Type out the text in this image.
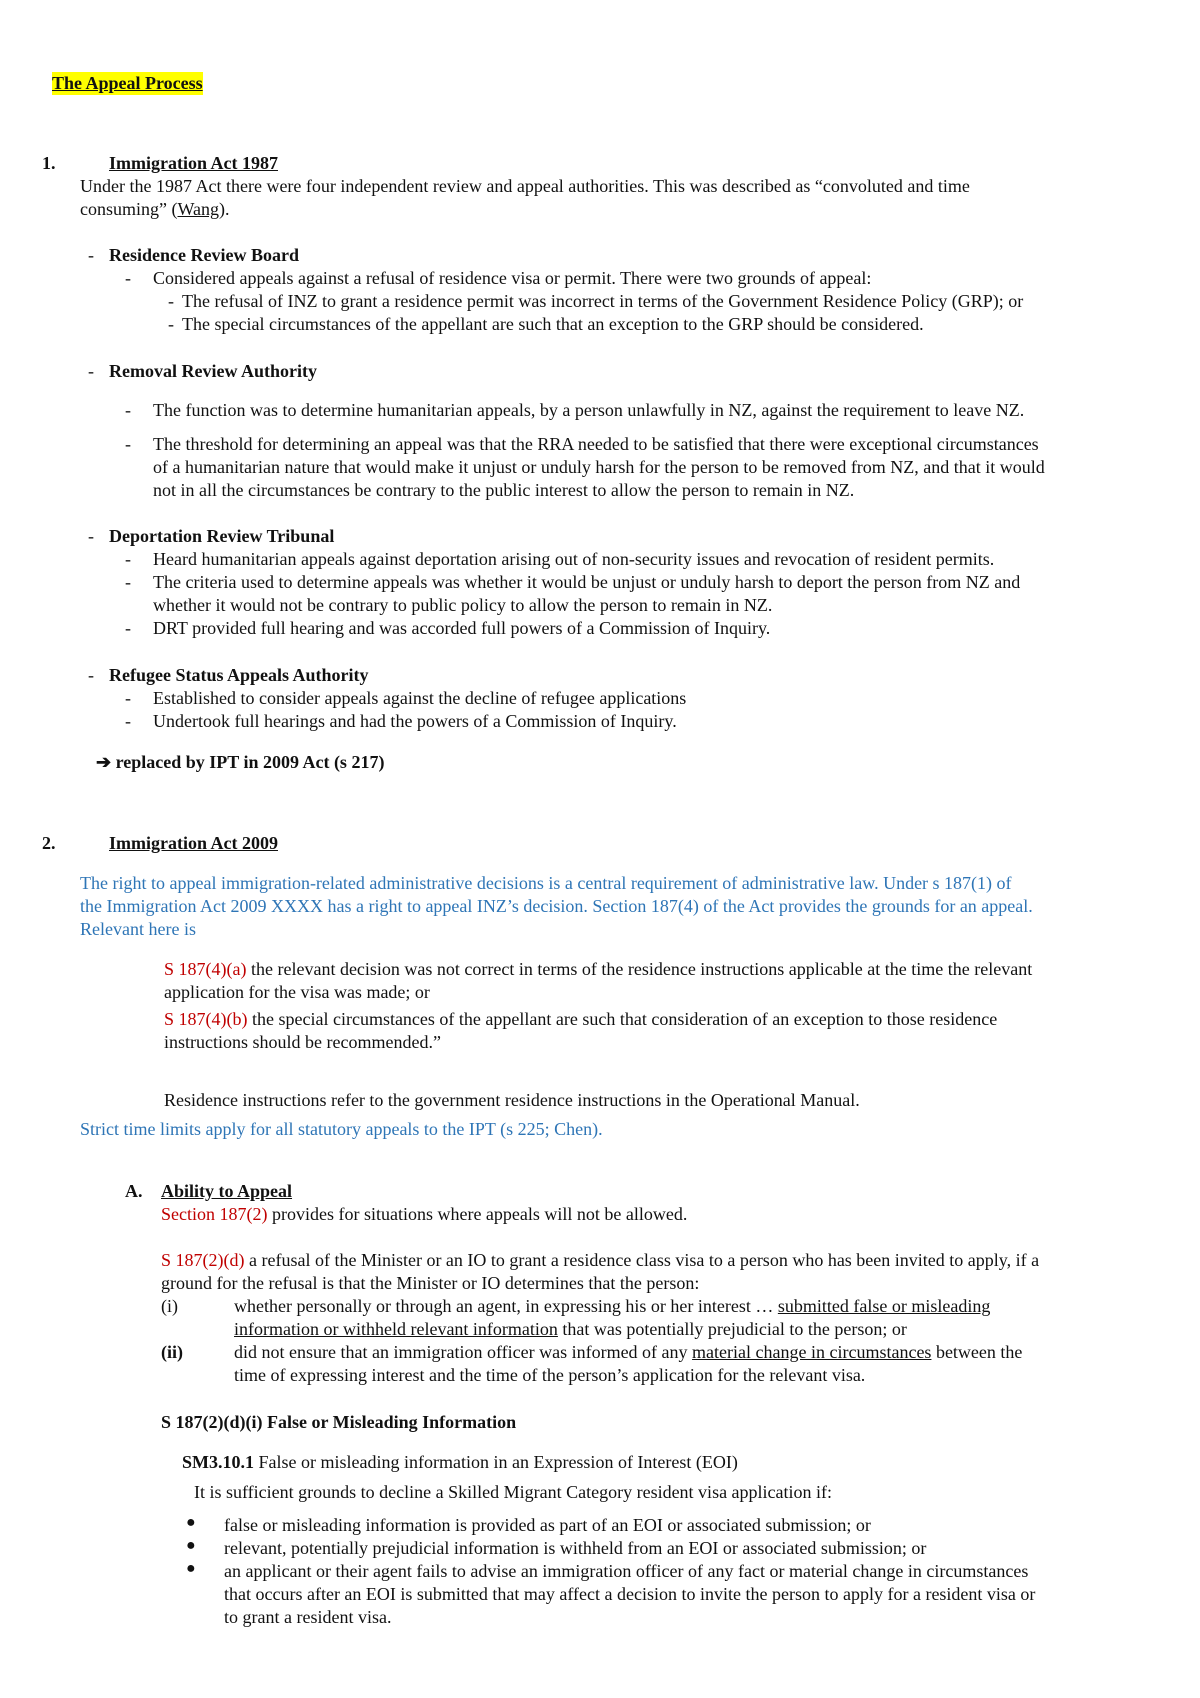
The Appeal Process
1.	Immigration Act 1987
Under the 1987 Act there were four independent review and appeal authorities. This was described as “convoluted and time
consuming” (Wang).
- Residence Review Board
- Considered appeals against a refusal of residence visa or permit. There were two grounds of appeal:
- The refusal of INZ to grant a residence permit was incorrect in terms of the Government Residence Policy (GRP); or
- The special circumstances of the appellant are such that an exception to the GRP should be considered.
- Removal Review Authority
- The function was to determine humanitarian appeals, by a person unlawfully in NZ, against the requirement to leave NZ.
- The threshold for determining an appeal was that the RRA needed to be satisfied that there were exceptional circumstances
of a humanitarian nature that would make it unjust or unduly harsh for the person to be removed from NZ, and that it would
not in all the circumstances be contrary to the public interest to allow the person to remain in NZ.
- Deportation Review Tribunal
- Heard humanitarian appeals against deportation arising out of non-security issues and revocation of resident permits.
- The criteria used to determine appeals was whether it would be unjust or unduly harsh to deport the person from NZ and
whether it would not be contrary to public policy to allow the person to remain in NZ.
- DRT provided full hearing and was accorded full powers of a Commission of Inquiry.
- Refugee Status Appeals Authority
- Established to consider appeals against the decline of refugee applications
- Undertook full hearings and had the powers of a Commission of Inquiry.
➔ replaced by IPT in 2009 Act (s 217)
2.	Immigration Act 2009
The right to appeal immigration-related administrative decisions is a central requirement of administrative law. Under s 187(1) of
the Immigration Act 2009 XXXX has a right to appeal INZ’s decision. Section 187(4) of the Act provides the grounds for an appeal.
Relevant here is
S 187(4)(a) the relevant decision was not correct in terms of the residence instructions applicable at the time the relevant
application for the visa was made; or
S 187(4)(b) the special circumstances of the appellant are such that consideration of an exception to those residence
instructions should be recommended.”
Residence instructions refer to the government residence instructions in the Operational Manual.
Strict time limits apply for all statutory appeals to the IPT (s 225; Chen).
A. Ability to Appeal
Section 187(2) provides for situations where appeals will not be allowed.
S 187(2)(d) a refusal of the Minister or an IO to grant a residence class visa to a person who has been invited to apply, if a
ground for the refusal is that the Minister or IO determines that the person:
(i)	whether personally or through an agent, in expressing his or her interest … submitted false or misleading
information or withheld relevant information that was potentially prejudicial to the person; or
(ii)	did not ensure that an immigration officer was informed of any material change in circumstances between the
time of expressing interest and the time of the person’s application for the relevant visa.
S 187(2)(d)(i) False or Misleading Information
SM3.10.1 False or misleading information in an Expression of Interest (EOI)
It is sufficient grounds to decline a Skilled Migrant Category resident visa application if:
● false or misleading information is provided as part of an EOI or associated submission; or
● relevant, potentially prejudicial information is withheld from an EOI or associated submission; or
● an applicant or their agent fails to advise an immigration officer of any fact or material change in circumstances
that occurs after an EOI is submitted that may affect a decision to invite the person to apply for a resident visa or
to grant a resident visa.
